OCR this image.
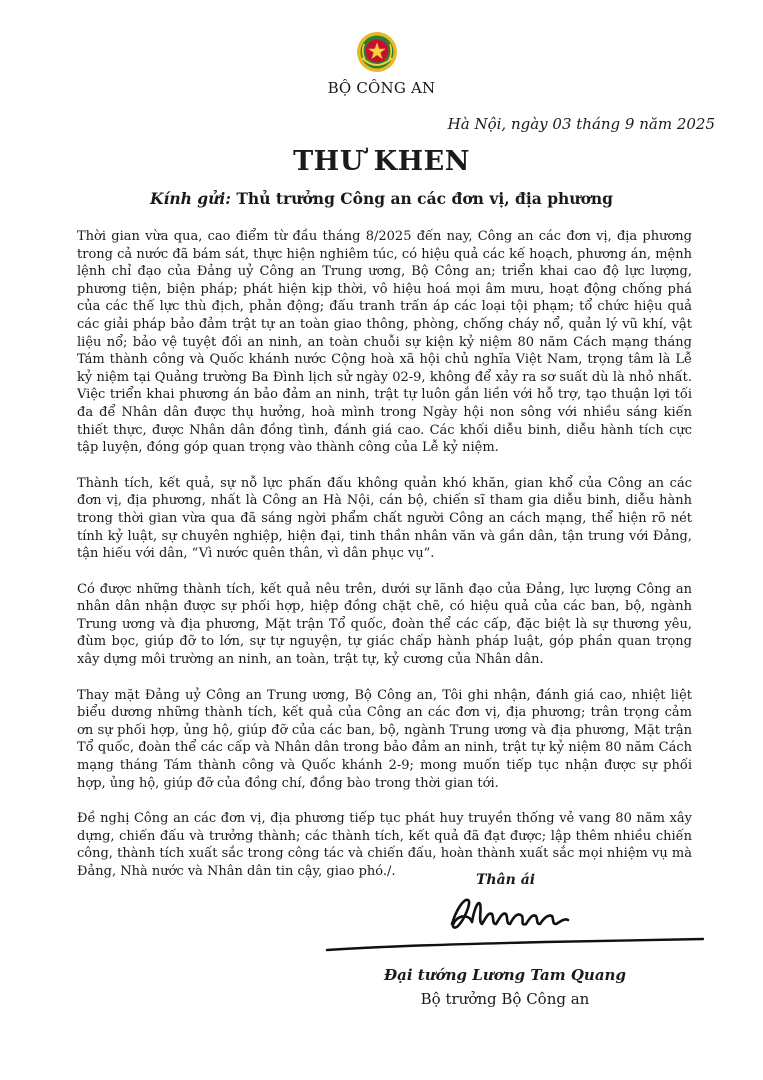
BỘ CÔNG AN
Hà Nội, ngày 03 tháng 9 năm 2025
THƯ KHEN
Kính gửi: Thủ trưởng Công an các đơn vị, địa phương

Thời gian vừa qua, cao điểm từ đầu tháng 8/2025 đến nay, Công an các đơn vị, địa phương trong cả nước đã bám sát, thực hiện nghiêm túc, có hiệu quả các kế hoạch, phương án, mệnh lệnh chỉ đạo của Đảng uỷ Công an Trung ương, Bộ Công an; triển khai cao độ lực lượng, phương tiện, biện pháp; phát hiện kịp thời, vô hiệu hoá mọi âm mưu, hoạt động chống phá của các thế lực thù địch, phản động; đấu tranh trấn áp các loại tội phạm; tổ chức hiệu quả các giải pháp bảo đảm trật tự an toàn giao thông, phòng, chống cháy nổ, quản lý vũ khí, vật liệu nổ; bảo vệ tuyệt đối an ninh, an toàn chuỗi sự kiện kỷ niệm 80 năm Cách mạng tháng Tám thành công và Quốc khánh nước Cộng hoà xã hội chủ nghĩa Việt Nam, trọng tâm là Lễ kỷ niệm tại Quảng trường Ba Đình lịch sử ngày 02-9, không để xảy ra sơ suất dù là nhỏ nhất. Việc triển khai phương án bảo đảm an ninh, trật tự luôn gắn liền với hỗ trợ, tạo thuận lợi tối đa để Nhân dân được thụ hưởng, hoà mình trong Ngày hội non sông với nhiều sáng kiến thiết thực, được Nhân dân đồng tình, đánh giá cao. Các khối diễu binh, diễu hành tích cực tập luyện, đóng góp quan trọng vào thành công của Lễ kỷ niệm.

Thành tích, kết quả, sự nỗ lực phấn đấu không quản khó khăn, gian khổ của Công an các đơn vị, địa phương, nhất là Công an Hà Nội, cán bộ, chiến sĩ tham gia diễu binh, diễu hành trong thời gian vừa qua đã sáng ngời phẩm chất người Công an cách mạng, thể hiện rõ nét tính kỷ luật, sự chuyên nghiệp, hiện đại, tinh thần nhân văn và gần dân, tận trung với Đảng, tận hiếu với dân, “Vì nước quên thân, vì dân phục vụ”.

Có được những thành tích, kết quả nêu trên, dưới sự lãnh đạo của Đảng, lực lượng Công an nhân dân nhận được sự phối hợp, hiệp đồng chặt chẽ, có hiệu quả của các ban, bộ, ngành Trung ương và địa phương, Mặt trận Tổ quốc, đoàn thể các cấp, đặc biệt là sự thương yêu, đùm bọc, giúp đỡ to lớn, sự tự nguyện, tự giác chấp hành pháp luật, góp phần quan trọng xây dựng môi trường an ninh, an toàn, trật tự, kỷ cương của Nhân dân.

Thay mặt Đảng uỷ Công an Trung ương, Bộ Công an, Tôi ghi nhận, đánh giá cao, nhiệt liệt biểu dương những thành tích, kết quả của Công an các đơn vị, địa phương; trân trọng cảm ơn sự phối hợp, ủng hộ, giúp đỡ của các ban, bộ, ngành Trung ương và địa phương, Mặt trận Tổ quốc, đoàn thể các cấp và Nhân dân trong bảo đảm an ninh, trật tự kỷ niệm 80 năm Cách mạng tháng Tám thành công và Quốc khánh 2-9; mong muốn tiếp tục nhận được sự phối hợp, ủng hộ, giúp đỡ của đồng chí, đồng bào trong thời gian tới.

Đề nghị Công an các đơn vị, địa phương tiếp tục phát huy truyền thống vẻ vang 80 năm xây dựng, chiến đấu và trưởng thành; các thành tích, kết quả đã đạt được; lập thêm nhiều chiến công, thành tích xuất sắc trong công tác và chiến đấu, hoàn thành xuất sắc mọi nhiệm vụ mà Đảng, Nhà nước và Nhân dân tin cậy, giao phó./.

Thân ái
Đại tướng Lương Tam Quang
Bộ trưởng Bộ Công an
